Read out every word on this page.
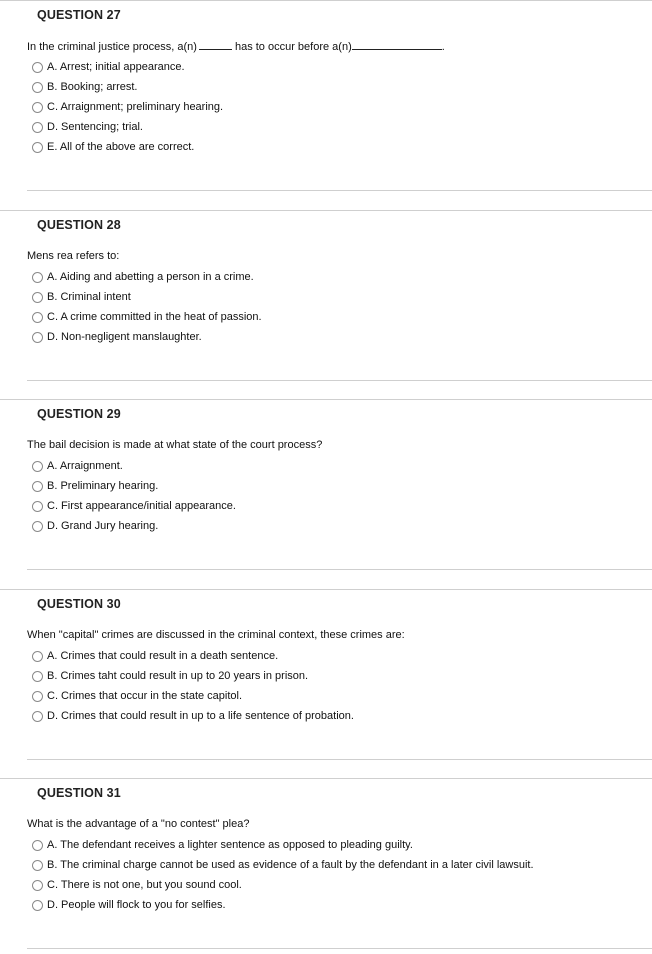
QUESTION 27
In the criminal justice process, a(n)	has to occur before a(n)	.
A. Arrest; initial appearance.
B. Booking; arrest.
C. Arraignment; preliminary hearing.
D. Sentencing; trial.
E. All of the above are correct.
QUESTION 28
Mens rea refers to:
A. Aiding and abetting a person in a crime.
B. Criminal intent
C. A crime committed in the heat of passion.
D. Non-negligent manslaughter.
QUESTION 29
The bail decision is made at what state of the court process?
A. Arraignment.
B. Preliminary hearing.
C. First appearance/initial appearance.
D. Grand Jury hearing.
QUESTION 30
When "capital" crimes are discussed in the criminal context, these crimes are:
A. Crimes that could result in a death sentence.
B. Crimes taht could result in up to 20 years in prison.
C. Crimes that occur in the state capitol.
D. Crimes that could result in up to a life sentence of probation.
QUESTION 31
What is the advantage of a "no contest" plea?
A. The defendant receives a lighter sentence as opposed to pleading guilty.
B. The criminal charge cannot be used as evidence of a fault by the defendant in a later civil lawsuit.
C. There is not one, but you sound cool.
D. People will flock to you for selfies.
